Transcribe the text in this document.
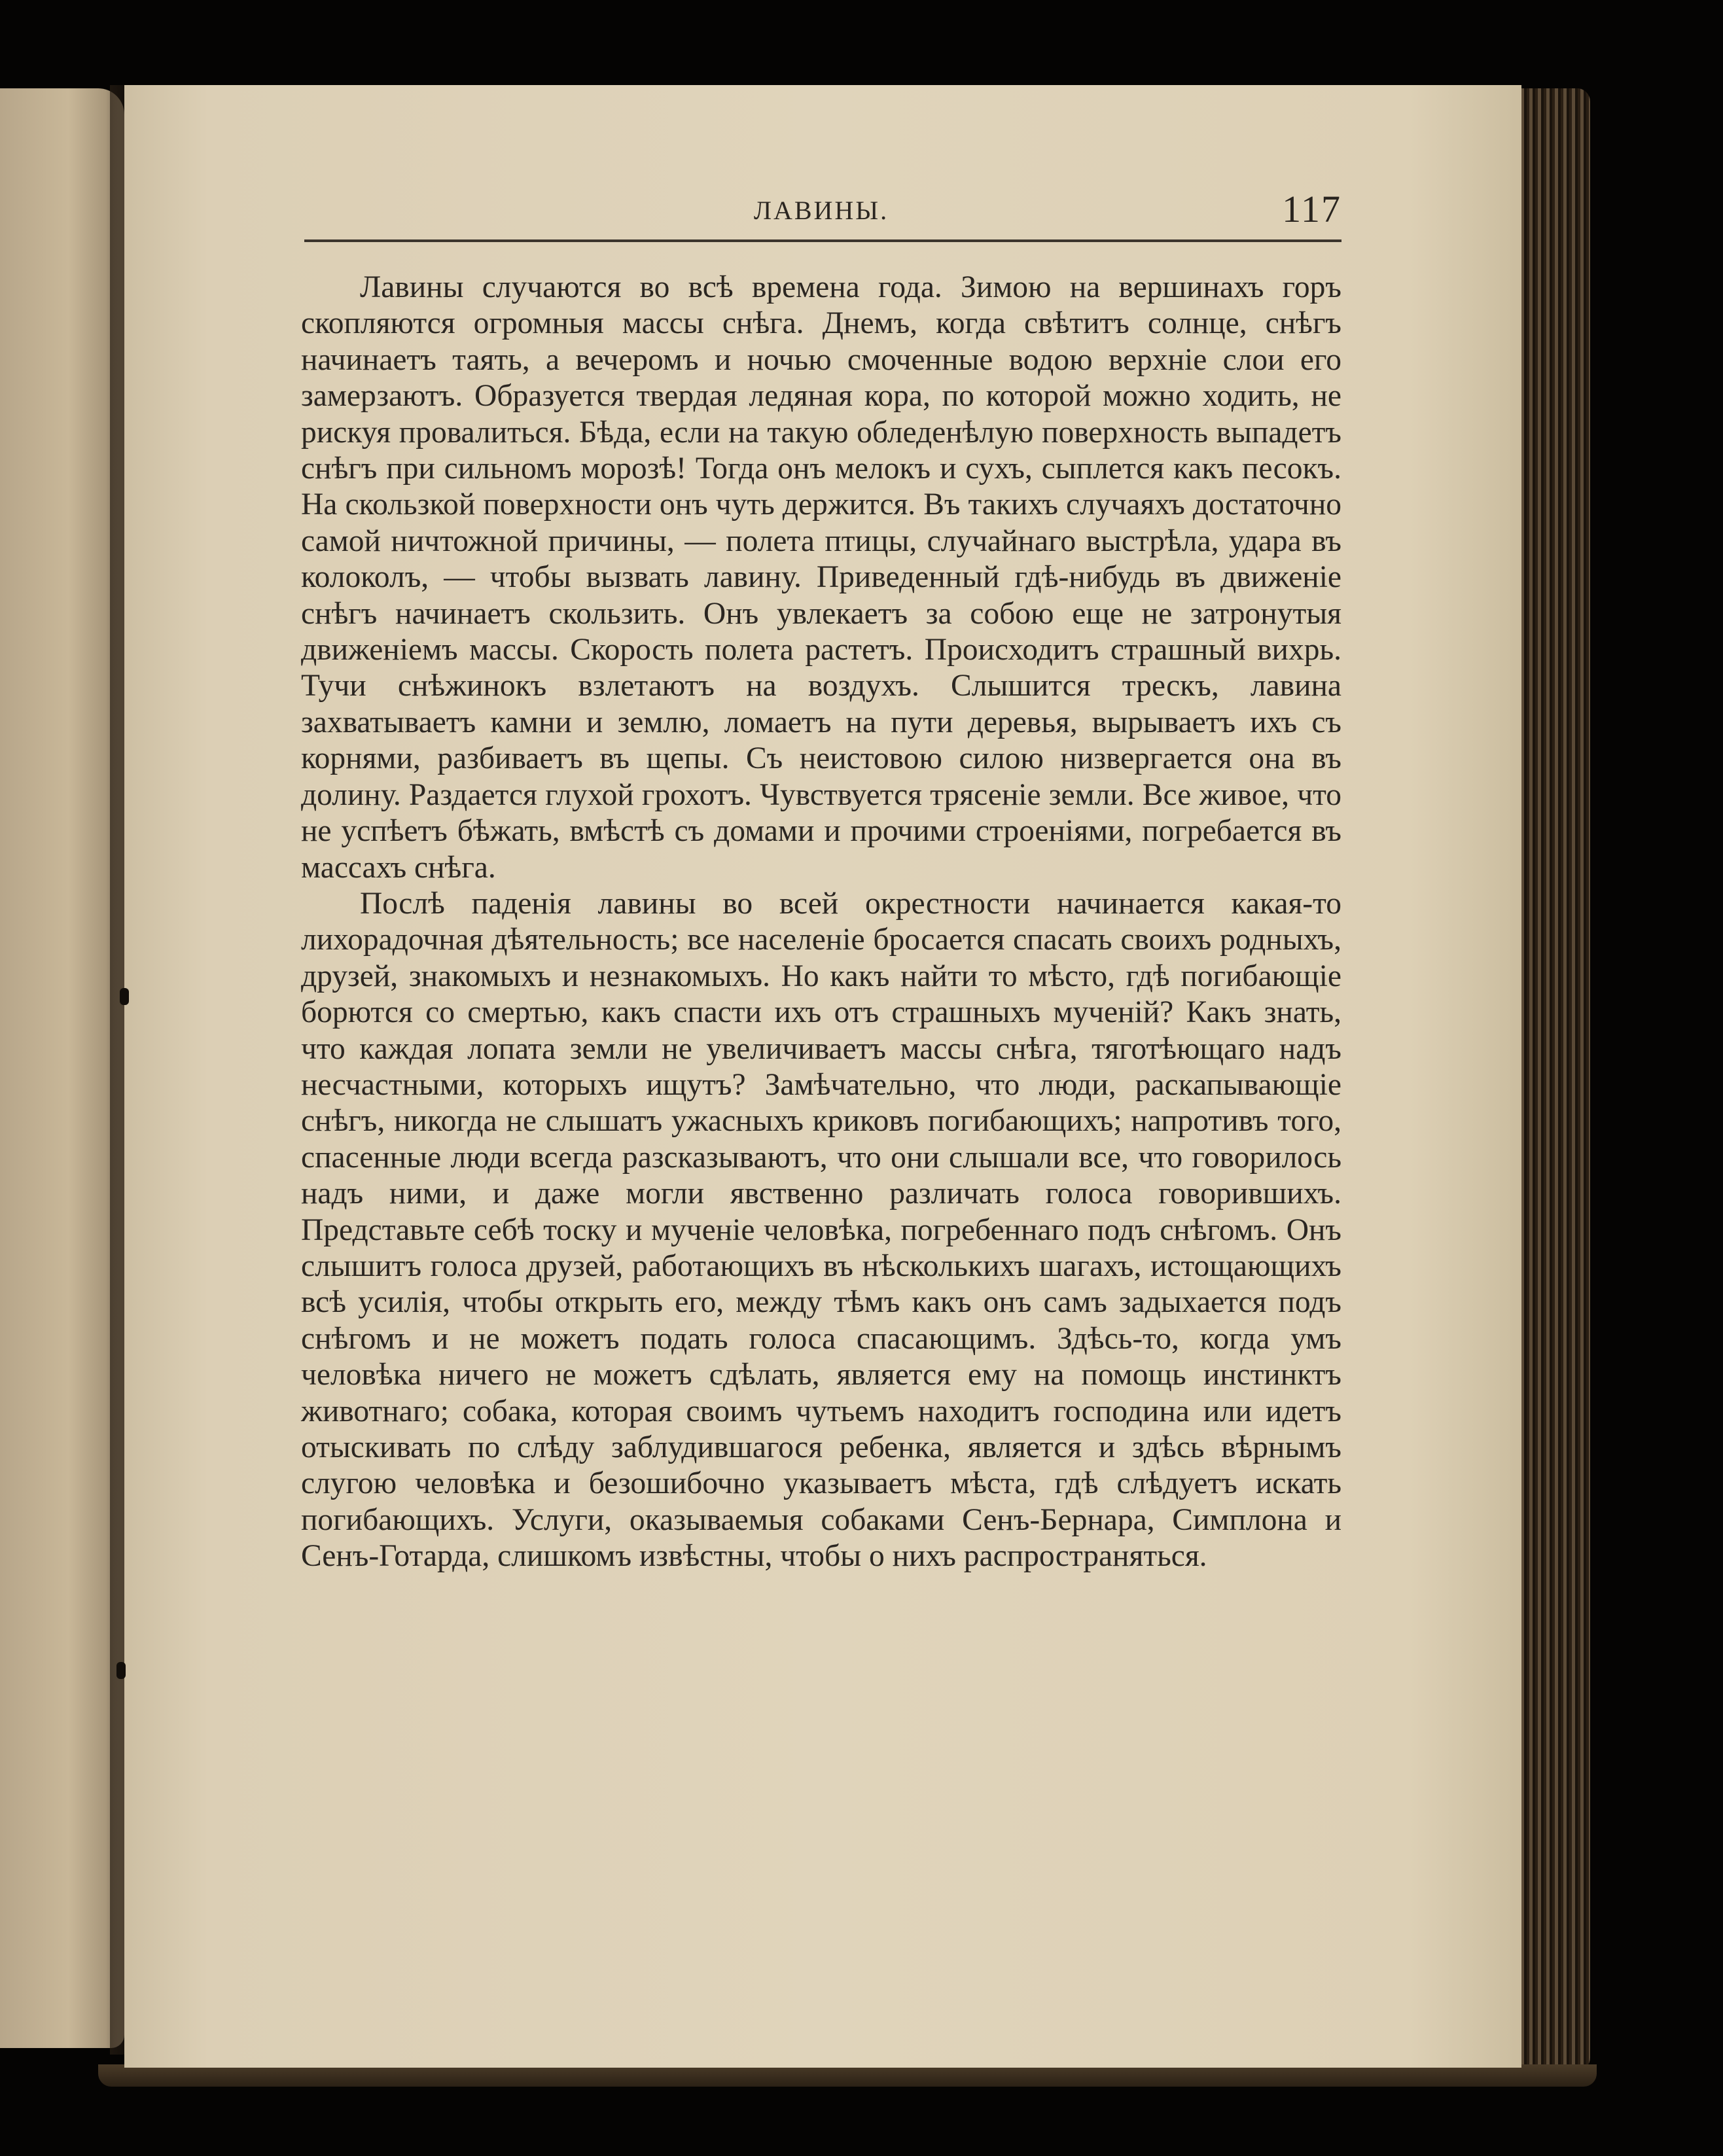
ЛАВИНЫ.	117

Лавины случаются во всѣ времена года. Зимою на вершинахъ горъ скопляются огромныя массы снѣга. Днемъ, когда свѣтитъ солнце, снѣгъ начинаетъ таять, а вечеромъ и ночью смоченные водою верхніе слои его замерзаютъ. Образуется твердая ледяная кора, по которой можно ходить, не рискуя провалиться. Бѣда, если на такую обледенѣлую поверхность выпадетъ снѣгъ при сильномъ морозѣ! Тогда онъ мелокъ и сухъ, сыплется какъ песокъ. На скользкой поверхности онъ чуть держится. Въ такихъ случаяхъ достаточно самой ничтожной причины, — полета птицы, случайнаго выстрѣла, удара въ колоколъ, — чтобы вызвать лавину. Приведенный гдѣ-нибудь въ движеніе снѣгъ начинаетъ скользить. Онъ увлекаетъ за собою еще не затронутыя движеніемъ массы. Скорость полета растетъ. Происходитъ страшный вихрь. Тучи снѣжинокъ взлетаютъ на воздухъ. Слышится трескъ, лавина захватываетъ камни и землю, ломаетъ на пути деревья, вырываетъ ихъ съ корнями, разбиваетъ въ щепы. Съ неистовою силою низвергается она въ долину. Раздается глухой грохотъ. Чувствуется трясеніе земли. Все живое, что не успѣетъ бѣжать, вмѣстѣ съ домами и прочими строеніями, погребается въ массахъ снѣга.

Послѣ паденія лавины во всей окрестности начинается какая-то лихорадочная дѣятельность; все населеніе бросается спасать своихъ родныхъ, друзей, знакомыхъ и незнакомыхъ. Но какъ найти то мѣсто, гдѣ погибающіе борются со смертью, какъ спасти ихъ отъ страшныхъ мученій? Какъ знать, что каждая лопата земли не увеличиваетъ массы снѣга, тяготѣющаго надъ несчастными, которыхъ ищутъ? Замѣчательно, что люди, раскапывающіе снѣгъ, никогда не слышатъ ужасныхъ криковъ погибающихъ; напротивъ того, спасенные люди всегда разсказываютъ, что они слышали все, что говорилось надъ ними, и даже могли явственно различать голоса говорившихъ. Представьте себѣ тоску и мученіе человѣка, погребеннаго подъ снѣгомъ. Онъ слышитъ голоса друзей, работающихъ въ нѣсколькихъ шагахъ, истощающихъ всѣ усилія, чтобы открыть его, между тѣмъ какъ онъ самъ задыхается подъ снѣгомъ и не можетъ подать голоса спасающимъ. Здѣсь-то, когда умъ человѣка ничего не можетъ сдѣлать, является ему на помощь инстинктъ животнаго; собака, которая своимъ чутьемъ находитъ господина или идетъ отыскивать по слѣду заблудившагося ребенка, является и здѣсь вѣрнымъ слугою человѣка и безошибочно указываетъ мѣста, гдѣ слѣдуетъ искать погибающихъ. Услуги, оказываемыя собаками Сенъ-Бернара, Симплона и Сенъ-Готарда, слишкомъ извѣстны, чтобы о нихъ распространяться.
